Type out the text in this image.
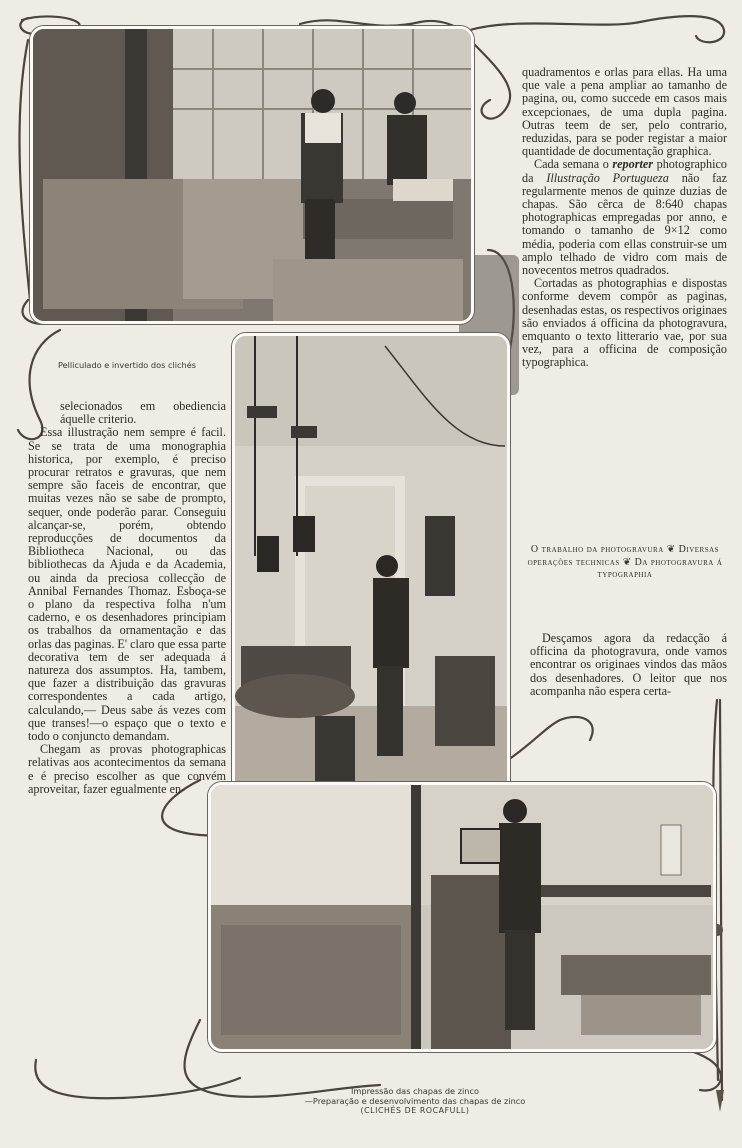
Pelliculado e invertido dos clichés

quadramentos e orlas para ellas. Ha uma que vale a pena ampliar ao tamanho de pagina, ou, como succede em casos mais excepcionaes, de uma dupla pagina. Outras teem de ser, pelo contrario, reduzidas, para se poder registar a maior quantidade de documentação graphica.

Cada semana o reporter photographico da Illustração Portugueza não faz regularmente menos de quinze duzias de chapas. São cêrca de 8:640 chapas photographicas empregadas por anno, e tomando o tamanho de 9×12 como média, poderia com ellas construir-se um amplo telhado de vidro com mais de novecentos metros quadrados.

Cortadas as photographias e dispostas conforme devem compôr as paginas, desenhadas estas, os respectivos originaes são enviados á officina da photogravura, emquanto o texto litterario vae, por sua vez, para a officina de composição typographica.

O trabalho da photogravura ❦ Diversas operações technicas ❦ Da photogravura á typographia

Desçamos agora da redacção á officina da photogravura, onde vamos encontrar os originaes vindos das mãos dos desenhadores. O leitor que nos acompanha não espera certa-

selecionados em obediencia áquelle criterio.

Essa illustração nem sempre é facil. Se se trata de uma monographia historica, por exemplo, é preciso procurar retratos e gravuras, que nem sempre são faceis de encontrar, que muitas vezes não se sabe de prompto, sequer, onde poderão parar. Conseguiu alcançar-se, porém, obtendo reproducções de documentos da Bibliotheca Nacional, ou das bibliothecas da Ajuda e da Academia, ou ainda da preciosa collecção de Annibal Fernandes Thomaz. Esboça-se o plano da respectiva folha n'um caderno, e os desenhadores principiam os trabalhos da ornamentação e das orlas das paginas. E' claro que essa parte decorativa tem de ser adequada á natureza dos assumptos. Ha, tambem, que fazer a distribuição das gravuras correspondentes a cada artigo, calculando,— Deus sabe ás vezes com que transes!—o espaço que o texto e todo o conjuncto demandam.

Chegam as provas photographicas relativas aos acontecimentos da semana e é preciso escolher as que convém aproveitar, fazer egualmente en-

Impressão das chapas de zinco
—Preparação e desenvolvimento das chapas de zinco
(CLICHÉS DE ROCAFULL)
